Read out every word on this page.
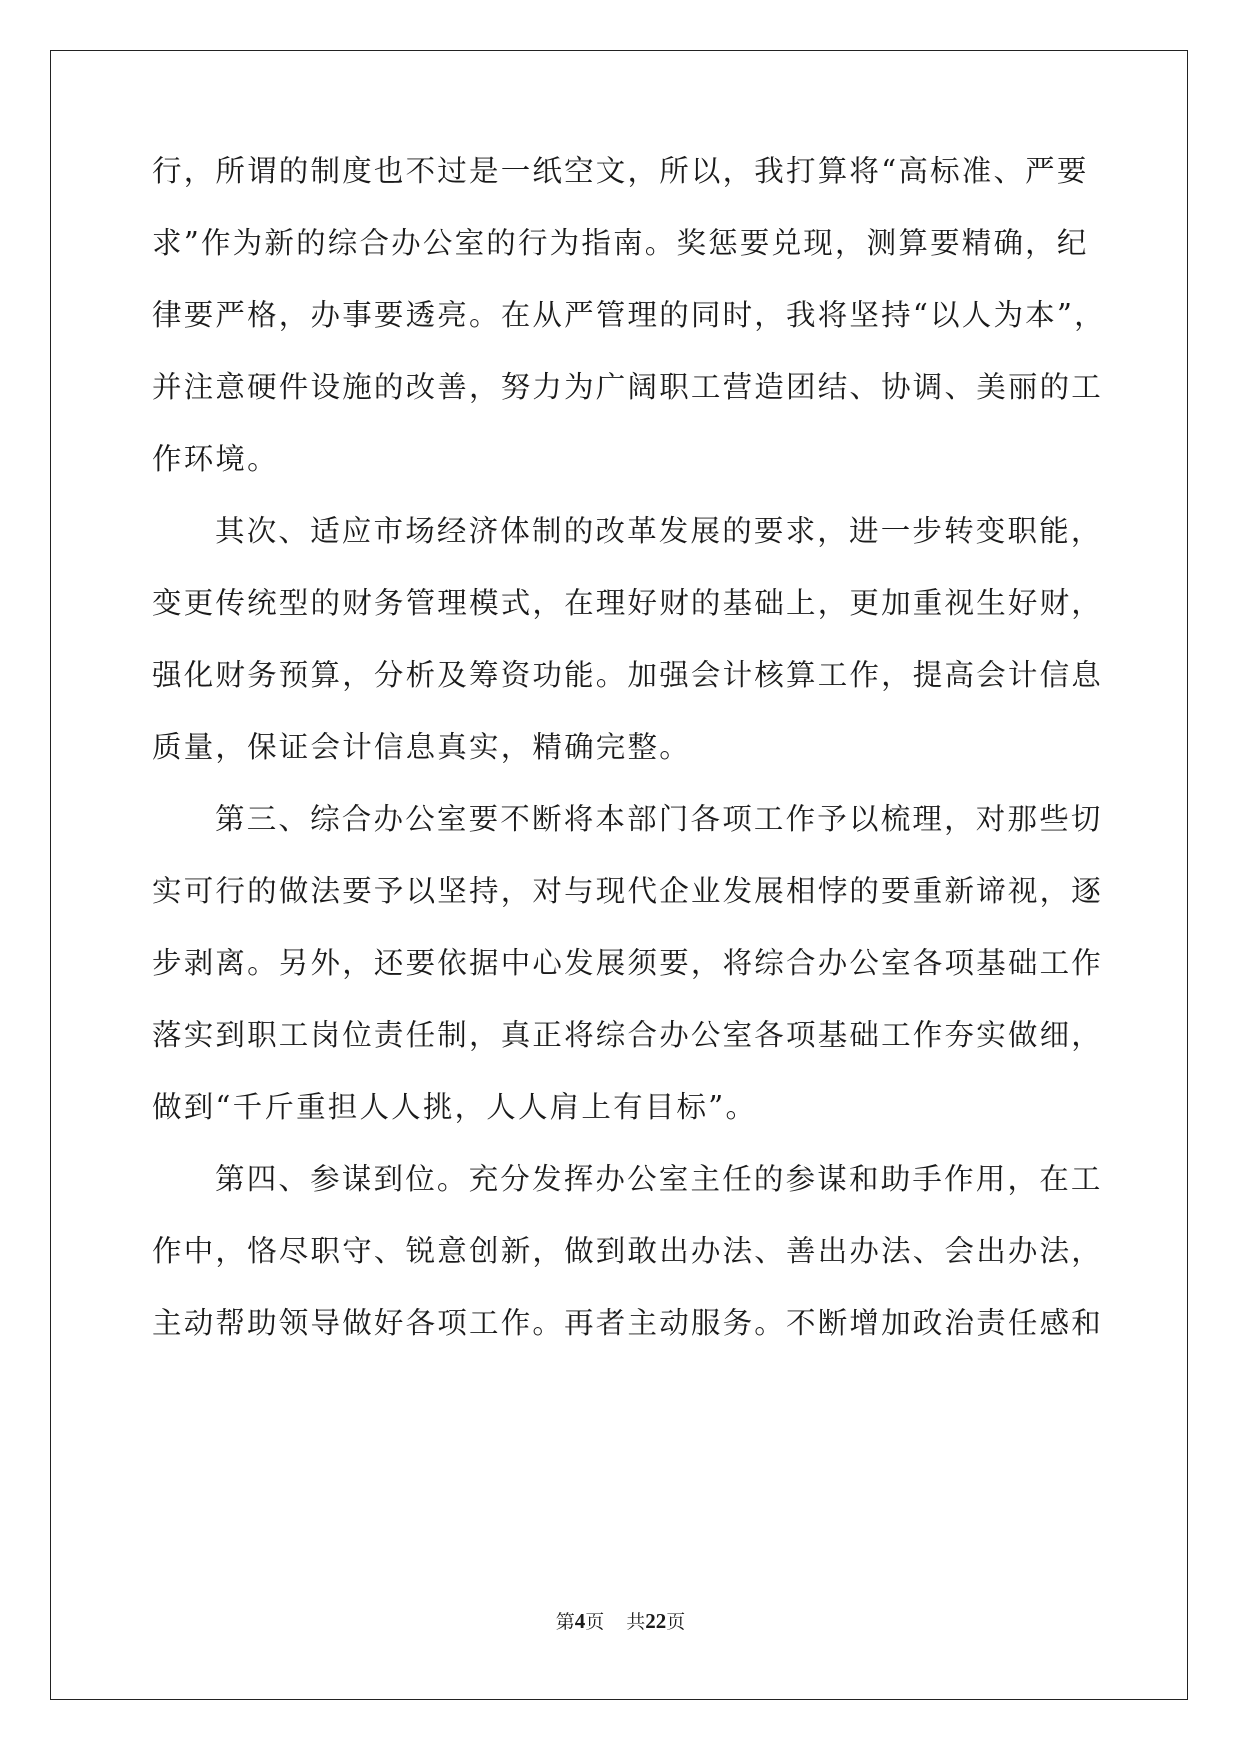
行，所谓的制度也不过是一纸空文，所以，我打算将“高标准、严要
求”作为新的综合办公室的行为指南。奖惩要兑现，测算要精确，纪
律要严格，办事要透亮。在从严管理的同时，我将坚持“以人为本”，
并注意硬件设施的改善，努力为广阔职工营造团结、协调、美丽的工
作环境。
其次、适应市场经济体制的改革发展的要求，进一步转变职能，
变更传统型的财务管理模式，在理好财的基础上，更加重视生好财，
强化财务预算，分析及筹资功能。加强会计核算工作，提高会计信息
质量，保证会计信息真实，精确完整。
第三、综合办公室要不断将本部门各项工作予以梳理，对那些切
实可行的做法要予以坚持，对与现代企业发展相悖的要重新谛视，逐
步剥离。另外，还要依据中心发展须要，将综合办公室各项基础工作
落实到职工岗位责任制，真正将综合办公室各项基础工作夯实做细，
做到“千斤重担人人挑，人人肩上有目标”。
第四、参谋到位。充分发挥办公室主任的参谋和助手作用，在工
作中，恪尽职守、锐意创新，做到敢出办法、善出办法、会出办法，
主动帮助领导做好各项工作。再者主动服务。不断增加政治责任感和
第4页 共22页
